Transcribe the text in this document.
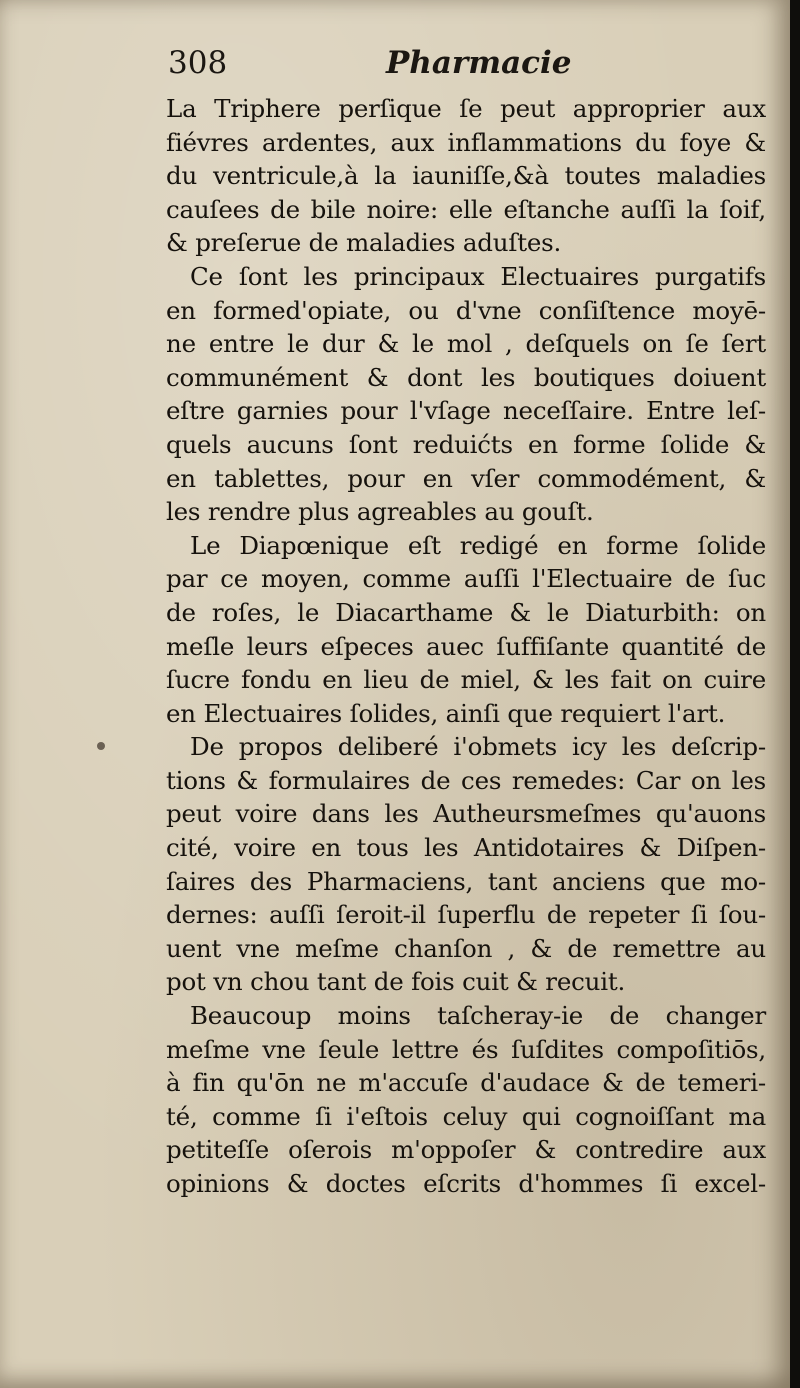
308	Pharmacie
La Triphere perſique ſe peut approprier aux
fiévres ardentes, aux inflammations du foye &
du ventricule,à la iauniſſe,&à toutes maladies
cauſees de bile noire: elle eſtanche auſſi la ſoif,
& preſerue de maladies aduſtes.
Ce ſont les principaux Electuaires purgatifs
en formed'opiate, ou d'vne conſiſtence moyē-
ne entre le dur & le mol , deſquels on ſe ſert
communément & dont les boutiques doiuent
eſtre garnies pour l'vſage neceſſaire. Entre leſ-
quels aucuns ſont reduićts en forme ſolide &
en tablettes, pour en vſer commodément, &
les rendre plus agreables au gouſt.
Le Diapœnique eſt redigé en forme ſolide
par ce moyen, comme auſſi l'Electuaire de ſuc
de roſes, le Diacarthame & le Diaturbith: on
meſle leurs eſpeces auec ſuffiſante quantité de
ſucre fondu en lieu de miel, & les fait on cuire
en Electuaires ſolides, ainſi que requiert l'art.
De propos deliberé i'obmets icy les deſcrip-
tions & formulaires de ces remedes: Car on les
peut voire dans les Autheursmeſmes qu'auons
cité, voire en tous les Antidotaires & Diſpen-
ſaires des Pharmaciens, tant anciens que mo-
dernes: auſſi ſeroit-il ſuperflu de repeter ſi ſou-
uent vne meſme chanſon , & de remettre au
pot vn chou tant de fois cuit & recuit.
Beaucoup moins taſcheray-ie de changer
meſme vne ſeule lettre és ſuſdites compoſitiōs,
à fin qu'ōn ne m'accuſe d'audace & de temeri-
té, comme ſi i'eſtois celuy qui cognoiſſant ma
petiteſſe oſerois m'oppoſer & contredire aux
opinions & doctes eſcrits d'hommes ſi excel-
